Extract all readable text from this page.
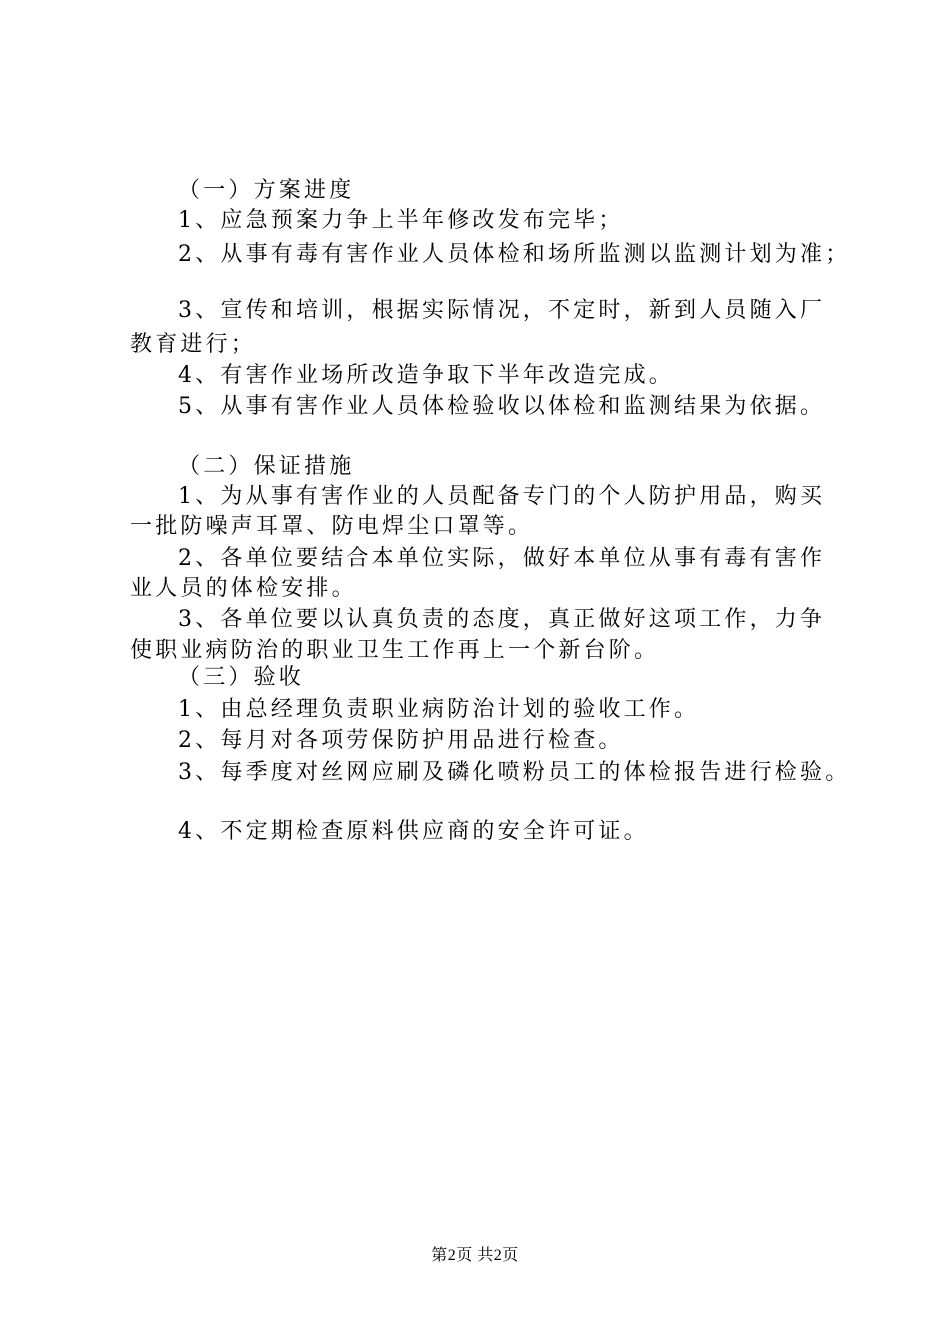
（一）方案进度
1、应急预案力争上半年修改发布完毕；
2、从事有毒有害作业人员体检和场所监测以监测计划为准；
3、宣传和培训，根据实际情况，不定时，新到人员随入厂
教育进行；
4、有害作业场所改造争取下半年改造完成。
5、从事有害作业人员体检验收以体检和监测结果为依据。
（二）保证措施
1、为从事有害作业的人员配备专门的个人防护用品，购买
一批防噪声耳罩、防电焊尘口罩等。
2、各单位要结合本单位实际，做好本单位从事有毒有害作
业人员的体检安排。
3、各单位要以认真负责的态度，真正做好这项工作，力争
使职业病防治的职业卫生工作再上一个新台阶。
（三）验收
1、由总经理负责职业病防治计划的验收工作。
2、每月对各项劳保防护用品进行检查。
3、每季度对丝网应刷及磷化喷粉员工的体检报告进行检验。
4、不定期检查原料供应商的安全许可证。
第2页 共2页
